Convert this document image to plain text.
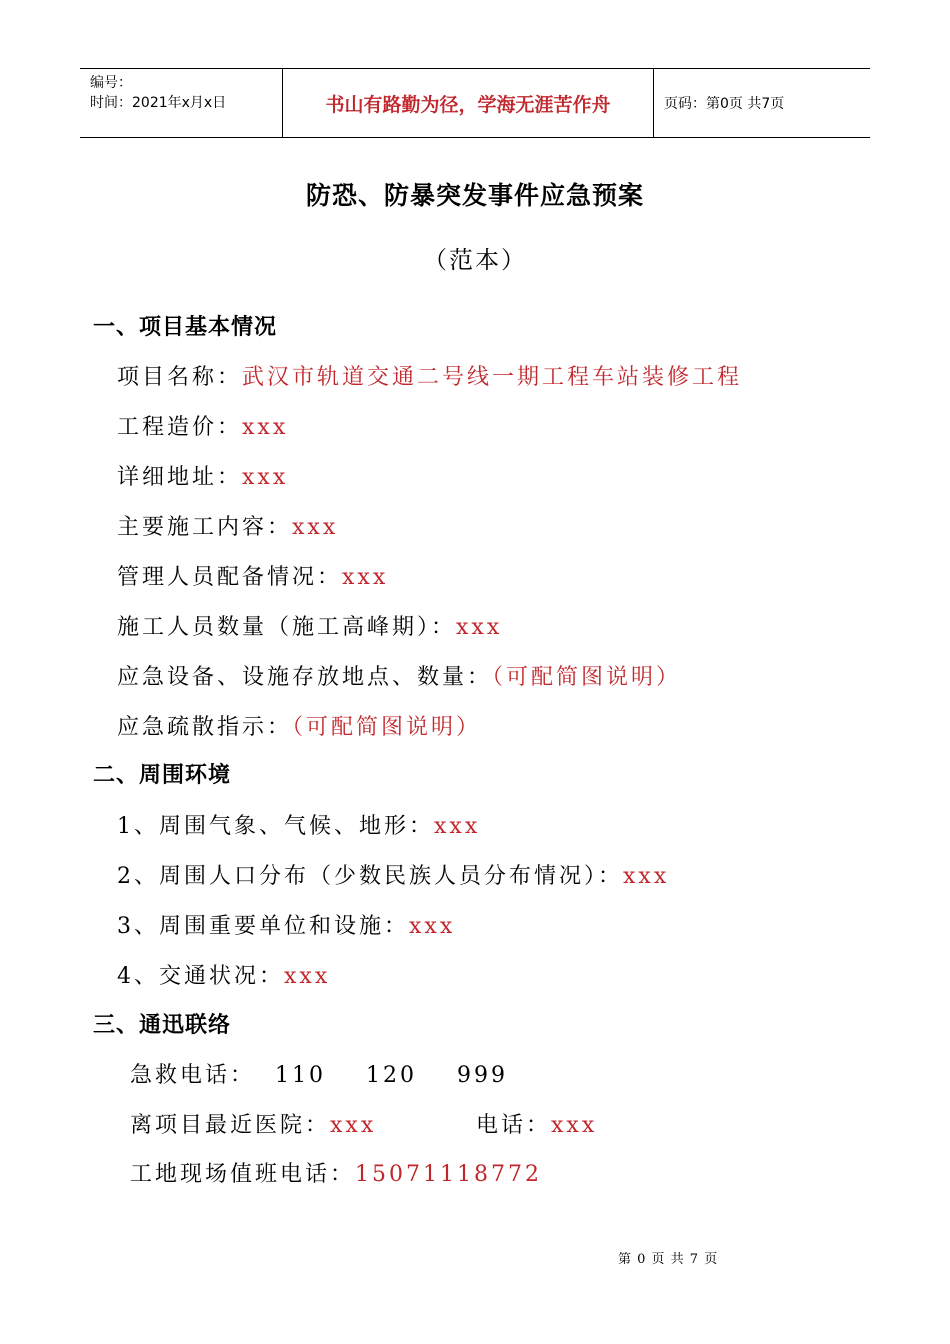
编号：
时间：2021年x月x日	书山有路勤为径，学海无涯苦作舟	页码：第0页 共7页
防恐、防暴突发事件应急预案
（范本）
一、项目基本情况
项目名称：武汉市轨道交通二号线一期工程车站装修工程
工程造价：xxx
详细地址：xxx
主要施工内容：xxx
管理人员配备情况：xxx
施工人员数量（施工高峰期）：xxx
应急设备、设施存放地点、数量：（可配简图说明）
应急疏散指示：（可配简图说明）
二、周围环境
1、周围气象、气候、地形：xxx
2、周围人口分布（少数民族人员分布情况）：xxx
3、周围重要单位和设施：xxx
4、交通状况：xxx
三、通迅联络
急救电话： 110    120    999
离项目最近医院：xxx	电话：xxx
工地现场值班电话：15071118772
第 0 页 共 7 页
